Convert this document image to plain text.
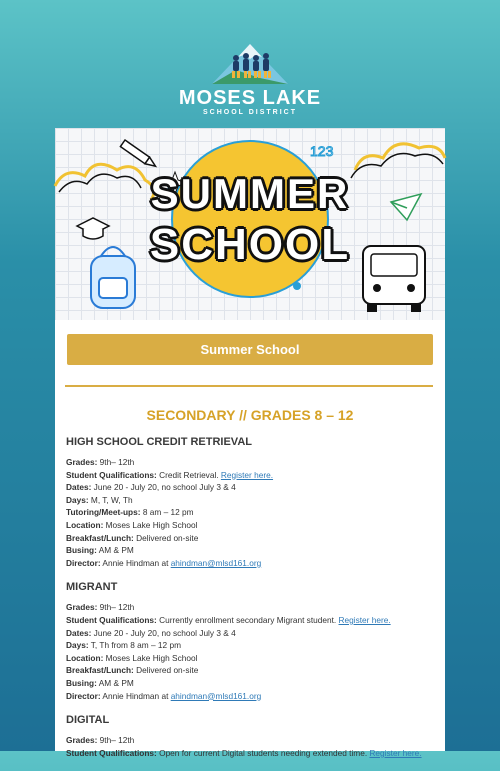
MOSES LAKE
SCHOOL DISTRICT
123
SUMMER
SCHOOL
Summer School
SECONDARY // GRADES 8 – 12
HIGH SCHOOL CREDIT RETRIEVAL
Grades: 9th– 12th
Student Qualifications: Credit Retrieval. Register here.
Dates: June 20 - July 20, no school July 3 & 4
Days: M, T, W, Th
Tutoring/Meet-ups: 8 am – 12 pm
Location: Moses Lake High School
Breakfast/Lunch: Delivered on-site
Busing: AM & PM
Director: Annie Hindman at ahindman@mlsd161.org
MIGRANT
Grades: 9th– 12th
Student Qualifications: Currently enrollment secondary Migrant student. Register here.
Dates: June 20 - July 20, no school July 3 & 4
Days: T, Th from 8 am – 12 pm
Location: Moses Lake High School
Breakfast/Lunch: Delivered on-site
Busing: AM & PM
Director: Annie Hindman at ahindman@mlsd161.org
DIGITAL
Grades: 9th– 12th
Student Qualifications: Open for current Digital students needing extended time. Register here.
